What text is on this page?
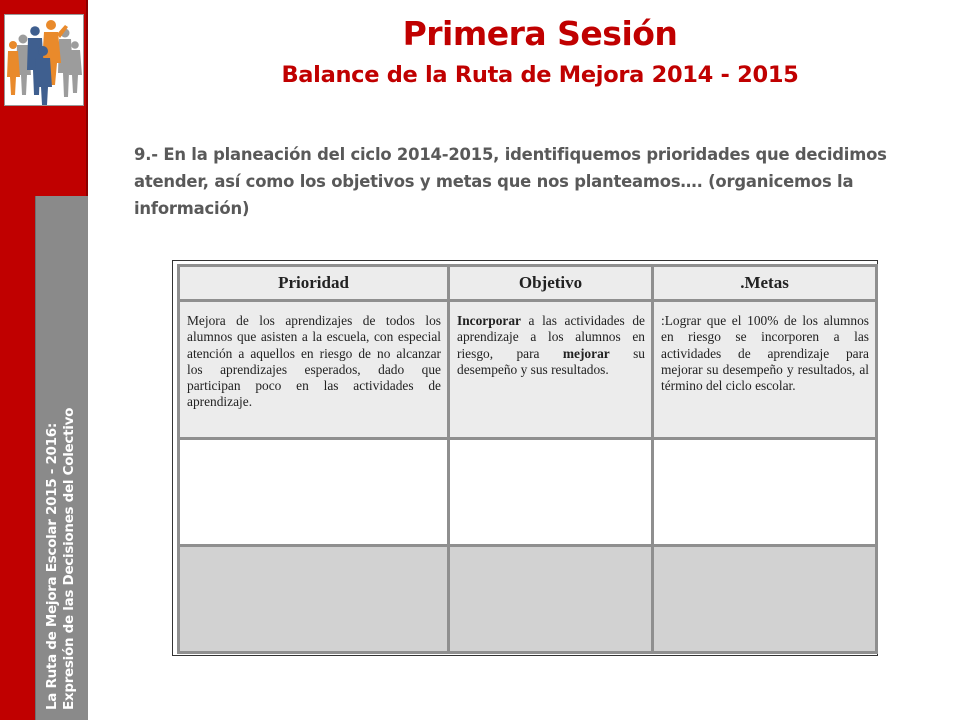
La Ruta de Mejora Escolar 2015 - 2016: Expresión de las Decisiones del Colectivo
Primera Sesión
Balance de la Ruta de Mejora 2014 - 2015
9.- En la planeación del ciclo 2014-2015, identifiquemos prioridades que decidimos atender, así como los objetivos y metas que nos planteamos…. (organicemos la información)
Prioridad	Objetivo	.Metas
Mejora de los aprendizajes de todos los alumnos que asisten a la escuela, con especial atención a aquellos en riesgo de no alcanzar los aprendizajes esperados, dado que participan poco en las actividades de aprendizaje.	Incorporar a las actividades de aprendizaje a los alumnos en riesgo, para mejorar su desempeño y sus resultados.	:Lograr que el 100% de los alumnos en riesgo se incorporen a las actividades de aprendizaje para mejorar su desempeño y resultados, al término del ciclo escolar.
